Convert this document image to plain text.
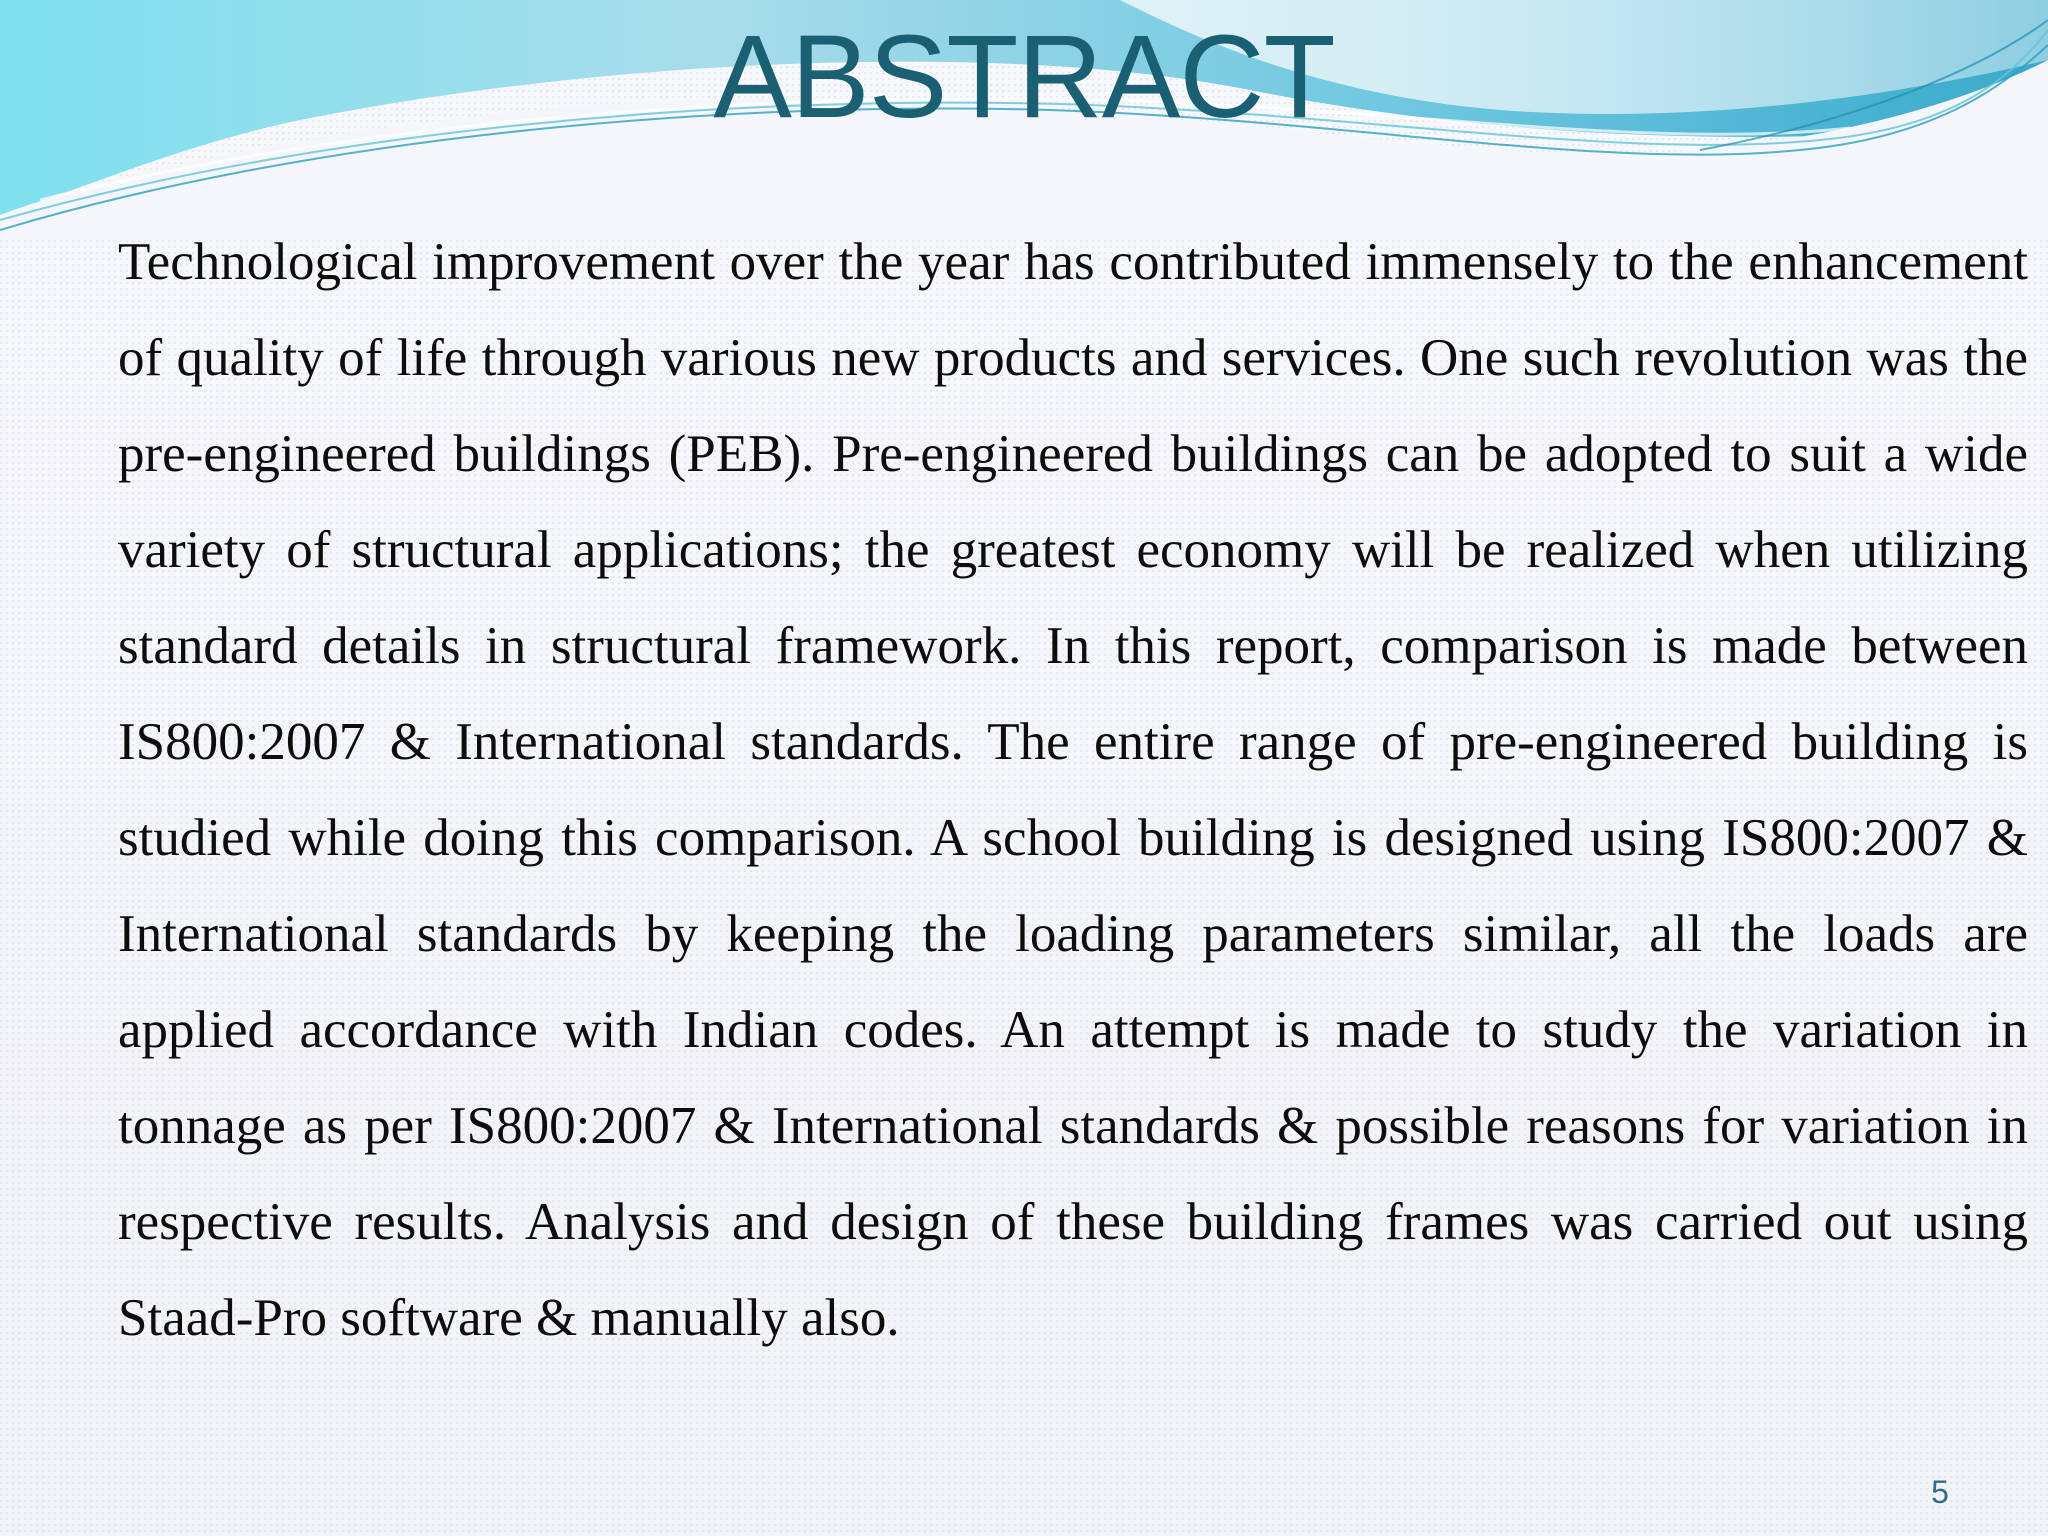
ABSTRACT

Technological improvement over the year has contributed immensely to the enhancement of quality of life through various new products and services. One such revolution was the pre-engineered buildings (PEB). Pre-engineered buildings can be adopted to suit a wide variety of structural applications; the greatest economy will be realized when utilizing standard details in structural framework. In this report, comparison is made between IS800:2007 & International standards. The entire range of pre-engineered building is studied while doing this comparison. A school building is designed using IS800:2007 & International standards by keeping the loading parameters similar, all the loads are applied accordance with Indian codes. An attempt is made to study the variation in tonnage as per IS800:2007 & International standards & possible reasons for variation in respective results. Analysis and design of these building frames was carried out using Staad-Pro software & manually also.

5
